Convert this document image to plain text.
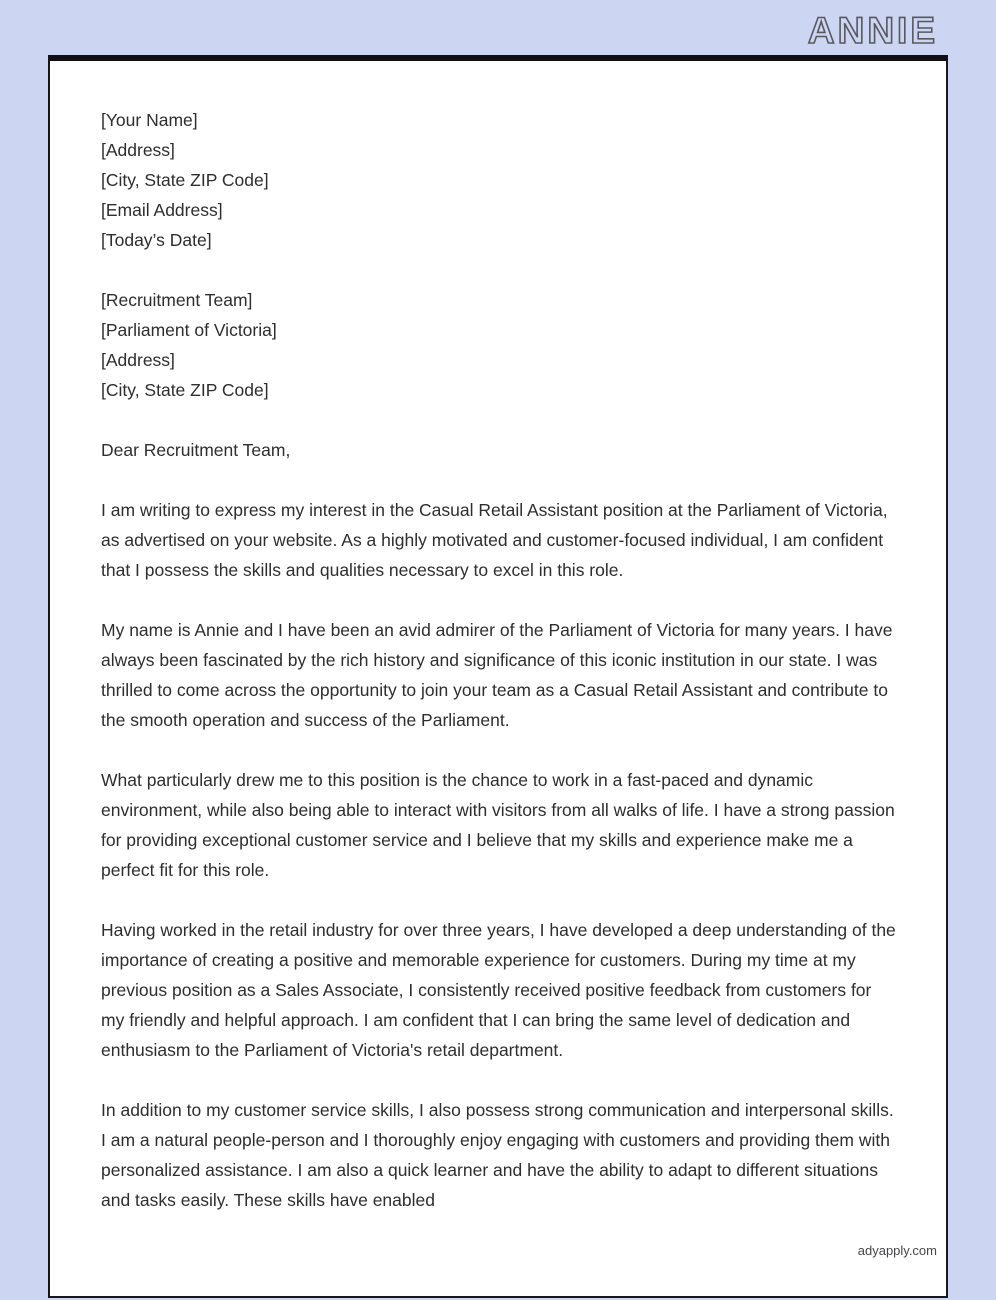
ANNIE
[Your Name]
[Address]
[City, State ZIP Code]
[Email Address]
[Today’s Date]
[Recruitment Team]
[Parliament of Victoria]
[Address]
[City, State ZIP Code]
Dear Recruitment Team,

I am writing to express my interest in the Casual Retail Assistant position at the Parliament of Victoria, as advertised on your website. As a highly motivated and customer-focused individual, I am confident that I possess the skills and qualities necessary to excel in this role.

My name is Annie and I have been an avid admirer of the Parliament of Victoria for many years. I have always been fascinated by the rich history and significance of this iconic institution in our state. I was thrilled to come across the opportunity to join your team as a Casual Retail Assistant and contribute to the smooth operation and success of the Parliament.

What particularly drew me to this position is the chance to work in a fast-paced and dynamic environment, while also being able to interact with visitors from all walks of life. I have a strong passion for providing exceptional customer service and I believe that my skills and experience make me a perfect fit for this role.

Having worked in the retail industry for over three years, I have developed a deep understanding of the importance of creating a positive and memorable experience for customers. During my time at my previous position as a Sales Associate, I consistently received positive feedback from customers for my friendly and helpful approach. I am confident that I can bring the same level of dedication and enthusiasm to the Parliament of Victoria's retail department.

In addition to my customer service skills, I also possess strong communication and interpersonal skills. I am a natural people-person and I thoroughly enjoy engaging with customers and providing them with personalized assistance. I am also a quick learner and have the ability to adapt to different situations and tasks easily. These skills have enabled

adyapply.com
